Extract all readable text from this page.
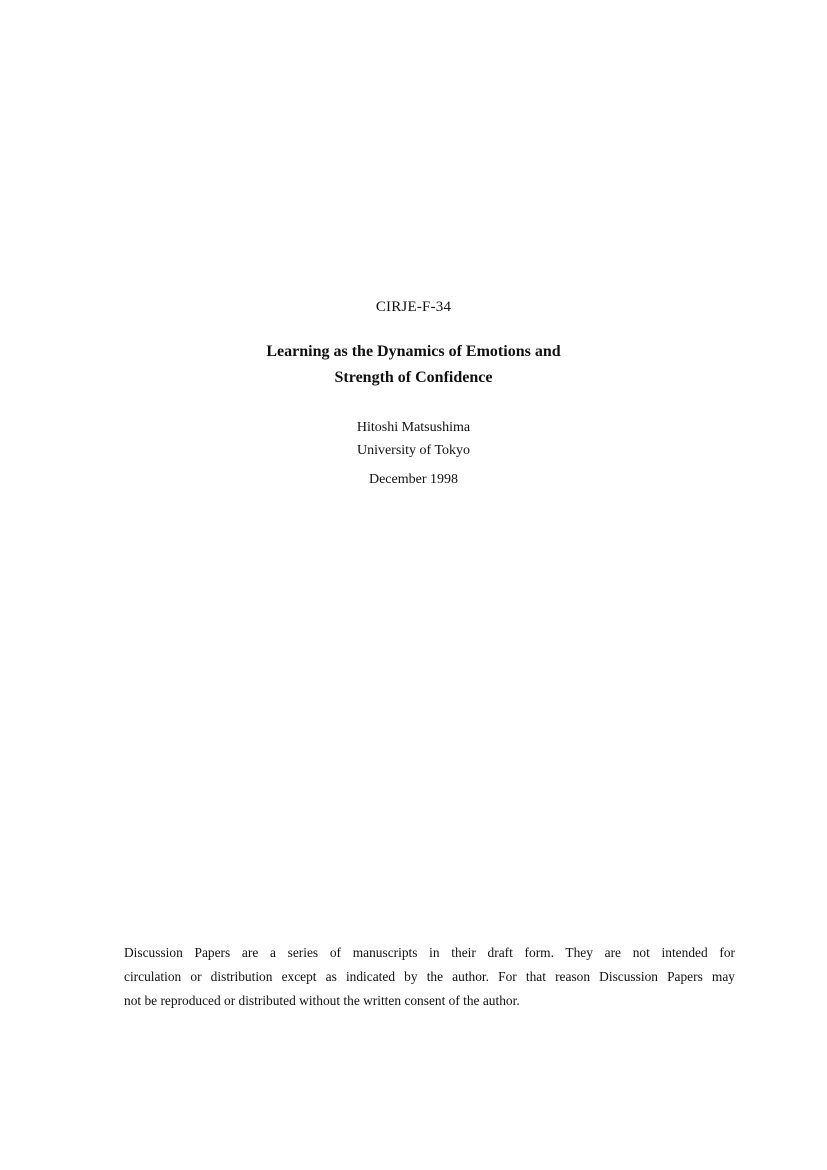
CIRJE-F-34
Learning as the Dynamics of Emotions and
Strength of Confidence
Hitoshi Matsushima
University of Tokyo
December 1998
Discussion Papers are a series of manuscripts in their draft form. They are not intended for
circulation or distribution except as indicated by the author. For that reason Discussion Papers may
not be reproduced or distributed without the written consent of the author.
